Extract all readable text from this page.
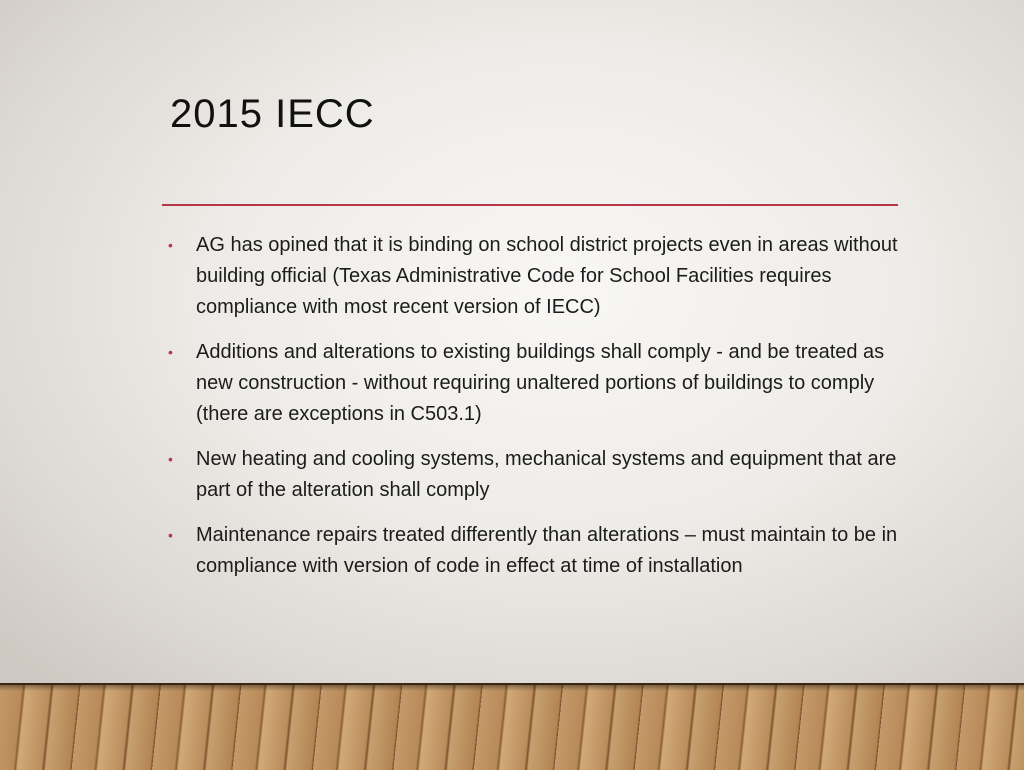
2015 IECC
• AG has opined that it is binding on school district projects even in areas without building official (Texas Administrative Code for School Facilities requires compliance with most recent version of IECC)
• Additions and alterations to existing buildings shall comply - and be treated as new construction - without requiring unaltered portions of buildings to comply (there are exceptions in C503.1)
• New heating and cooling systems, mechanical systems and equipment that are part of the alteration shall comply
• Maintenance repairs treated differently than alterations – must maintain to be in compliance with version of code in effect at time of installation
